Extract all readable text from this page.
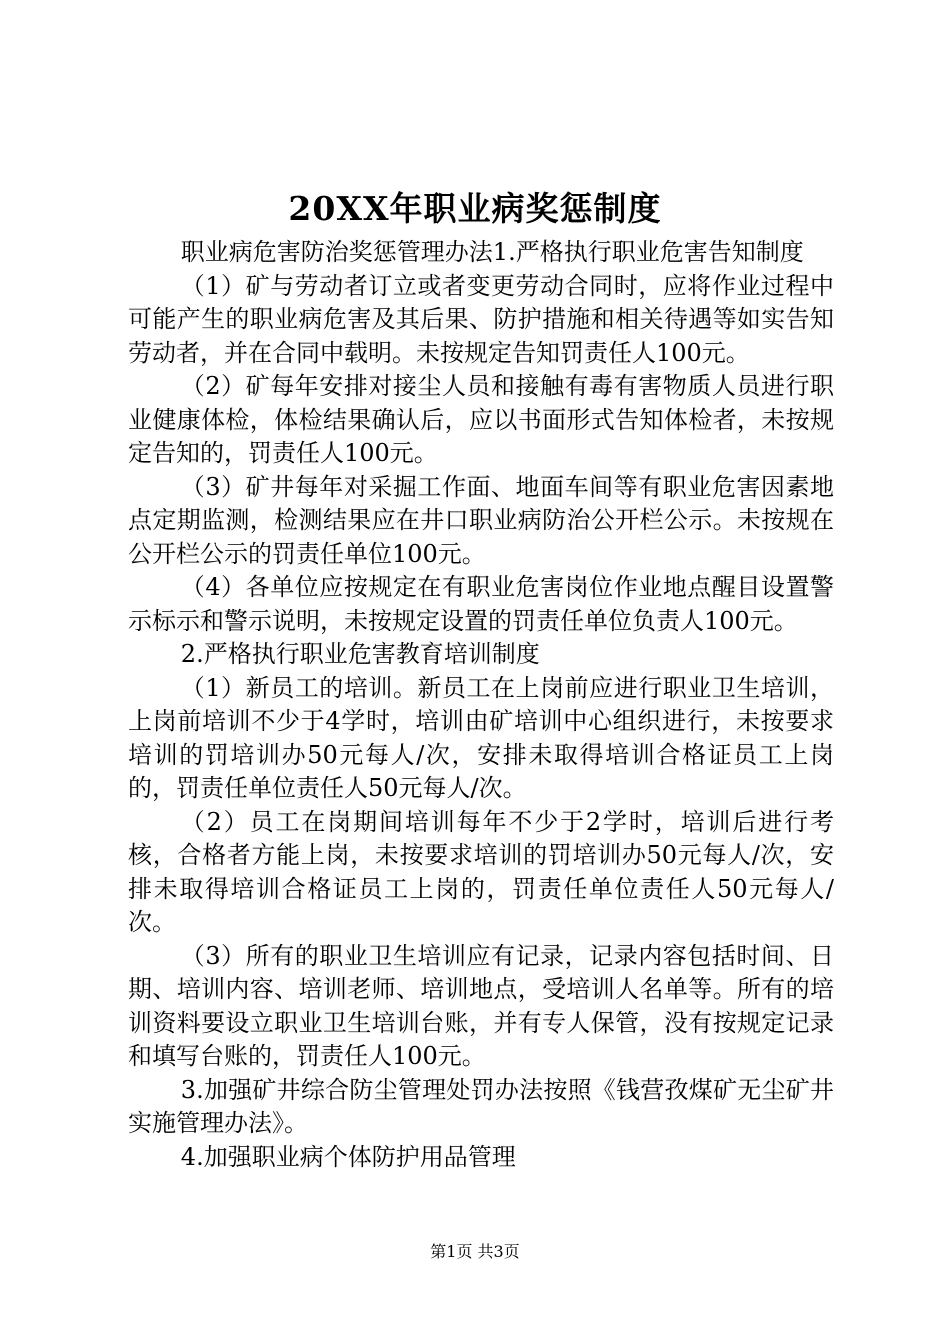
20XX年职业病奖惩制度

职业病危害防治奖惩管理办法1.严格执行职业危害告知制度

（1）矿与劳动者订立或者变更劳动合同时，应将作业过程中可能产生的职业病危害及其后果、防护措施和相关待遇等如实告知劳动者，并在合同中载明。未按规定告知罚责任人100元。

（2）矿每年安排对接尘人员和接触有毒有害物质人员进行职业健康体检，体检结果确认后，应以书面形式告知体检者，未按规定告知的，罚责任人100元。

（3）矿井每年对采掘工作面、地面车间等有职业危害因素地点定期监测，检测结果应在井口职业病防治公开栏公示。未按规在公开栏公示的罚责任单位100元。

（4）各单位应按规定在有职业危害岗位作业地点醒目设置警示标示和警示说明，未按规定设置的罚责任单位负责人100元。

2.严格执行职业危害教育培训制度

（1）新员工的培训。新员工在上岗前应进行职业卫生培训，上岗前培训不少于4学时，培训由矿培训中心组织进行，未按要求培训的罚培训办50元每人/次，安排未取得培训合格证员工上岗的，罚责任单位责任人50元每人/次。

（2）员工在岗期间培训每年不少于2学时，培训后进行考核，合格者方能上岗，未按要求培训的罚培训办50元每人/次，安排未取得培训合格证员工上岗的，罚责任单位责任人50元每人/次。

（3）所有的职业卫生培训应有记录，记录内容包括时间、日期、培训内容、培训老师、培训地点，受培训人名单等。所有的培训资料要设立职业卫生培训台账，并有专人保管，没有按规定记录和填写台账的，罚责任人100元。

3.加强矿井综合防尘管理处罚办法按照《钱营孜煤矿无尘矿井实施管理办法》。

4.加强职业病个体防护用品管理

第1页 共3页
